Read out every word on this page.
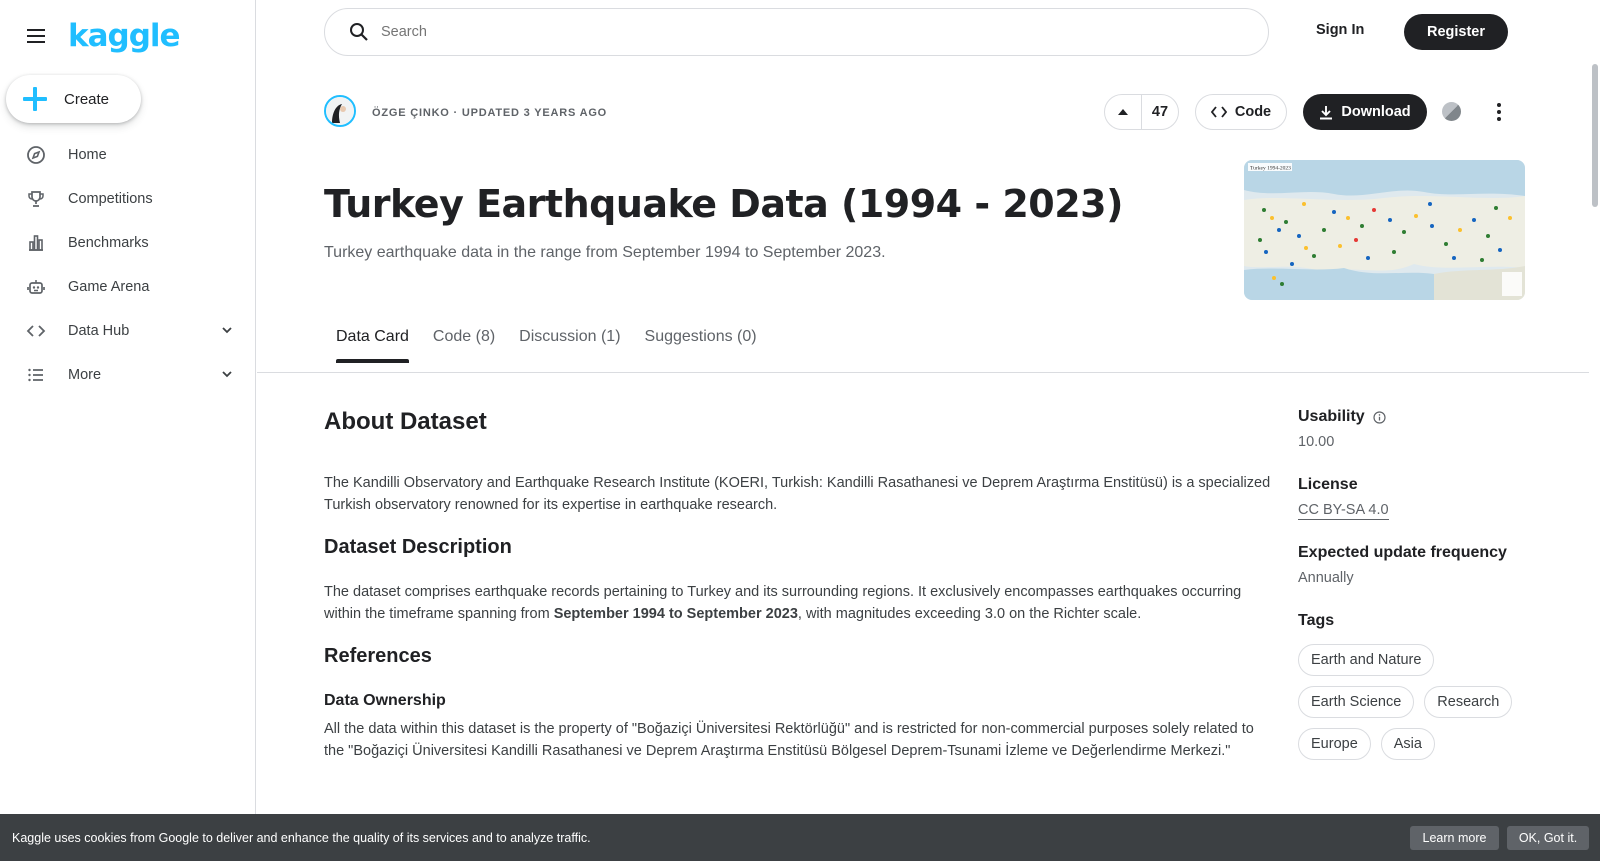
kaggle
Create
Home
Competitions
Benchmarks
Game Arena
Data Hub
More
Search
Sign In	Register
ÖZGE ÇINKO · UPDATED 3 YEARS AGO	47	Code	Download
Turkey Earthquake Data (1994 - 2023)
Turkey earthquake data in the range from September 1994 to September 2023.
Turkey 1994-2023
Data Card Code (8) Discussion (1) Suggestions (0)
About Dataset

The Kandilli Observatory and Earthquake Research Institute (KOERI, Turkish: Kandilli Rasathanesi ve Deprem Araştırma Enstitüsü) is a specialized Turkish observatory renowned for its expertise in earthquake research.

Dataset Description

The dataset comprises earthquake records pertaining to Turkey and its surrounding regions. It exclusively encompasses earthquakes occurring within the timeframe spanning from September 1994 to September 2023, with magnitudes exceeding 3.0 on the Richter scale.

References
Data Ownership

All the data within this dataset is the property of "Boğaziçi Üniversitesi Rektörlüğü" and is restricted for non-commercial purposes solely related to the "Boğaziçi Üniversitesi Kandilli Rasathanesi ve Deprem Araştırma Enstitüsü Bölgesel Deprem-Tsunami İzleme ve Değerlendirme Merkezi."

Usability
10.00
License
CC BY-SA 4.0
Expected update frequency
Annually
Tags
Earth and Nature
Earth Science	Research
Europe	Asia
Kaggle uses cookies from Google to deliver and enhance the quality of its services and to analyze traffic.	Learn more	OK, Got it.
